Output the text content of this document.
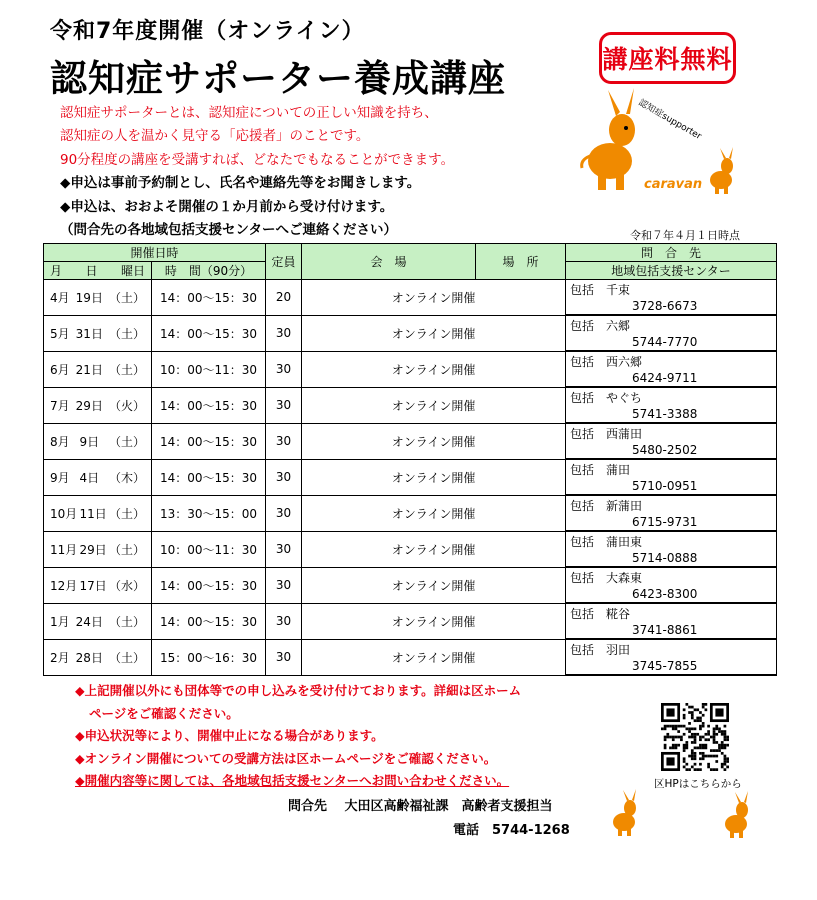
令和7年度開催（オンライン）
認知症サポーター養成講座	講座料無料
認知症supporter
caravan
認知症サポーターとは、認知症についての正しい知識を持ち、
認知症の人を温かく見守る「応援者」のことです。
90分程度の講座を受講すれば、どなたでもなることができます。
◆申込は事前予約制とし、氏名や連絡先等をお聞きします。
◆申込は、おおよそ開催の１か月前から受け付けます。
（問合先の各地域包括支援センターへご連絡ください）	令和７年４月１日時点
開催日時		定員	会　場	場　所	問　合　先

月 日 曜日	時　間（90分）				地域包括支援センター

4月 19日 （土）	14：00～15：30	20	オンライン開催		包括　千束
3728-6673

5月 31日 （土）	14：00～15：30	30	オンライン開催		包括　六郷
5744-7770

6月 21日 （土）	10：00～11：30	30	オンライン開催		包括　西六郷
6424-9711

7月 29日 （火）	14：00～15：30	30	オンライン開催		包括　やぐち
5741-3388

8月 9日 （土）	14：00～15：30	30	オンライン開催		包括　西蒲田
5480-2502

9月 4日 （木）	14：00～15：30	30	オンライン開催		包括　蒲田
5710-0951

10月 11日 （土）	13：30～15：00	30	オンライン開催		包括　新蒲田
6715-9731

11月 29日 （土）	10：00～11：30	30	オンライン開催		包括　蒲田東
5714-0888

12月 17日 （水）	14：00～15：30	30	オンライン開催		包括　大森東
6423-8300

1月 24日 （土）	14：00～15：30	30	オンライン開催		包括　糀谷
3741-8861

2月 28日 （土）	15：00～16：30	30	オンライン開催		包括　羽田
3745-7855
◆上記開催以外にも団体等での申し込みを受け付けております。詳細は区ホーム
ページをご確認ください。
◆申込状況等により、開催中止になる場合があります。
◆オンライン開催についての受講方法は区ホームページをご確認ください。
◆開催内容等に関しては、各地域包括支援センターへお問い合わせください。	区HPはこちらから
問合先　 大田区高齢福祉課　高齢者支援担当
電話　5744-1268
